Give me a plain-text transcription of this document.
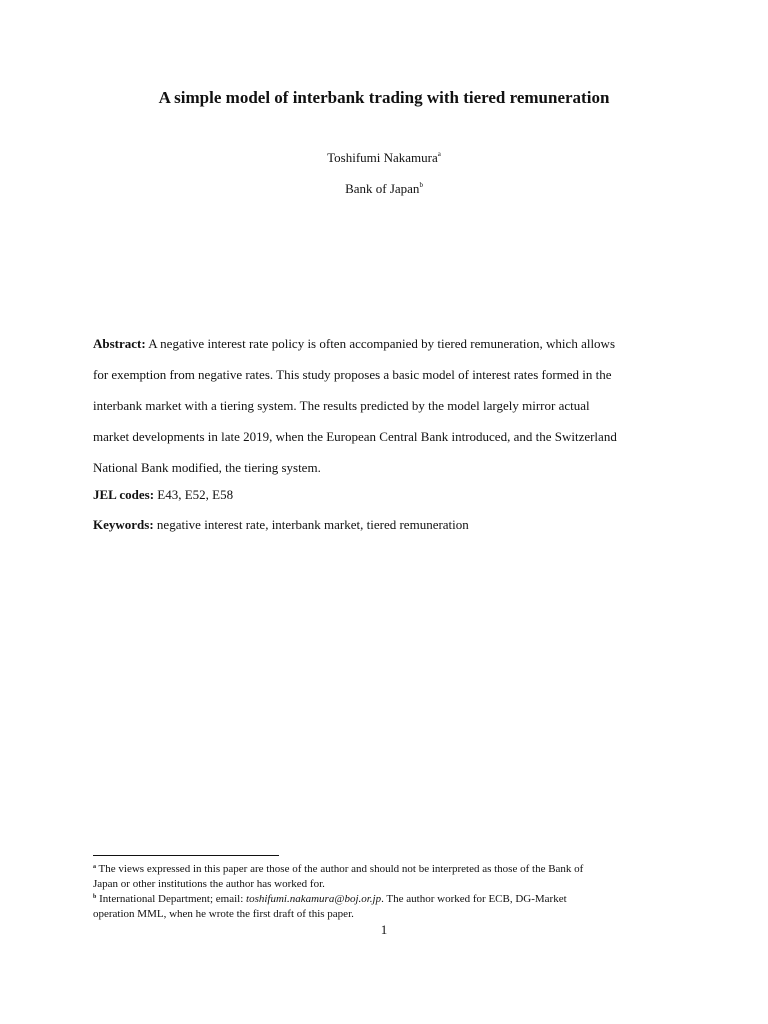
A simple model of interbank trading with tiered remuneration
Toshifumi Nakamura$^a$
Bank of Japan$^b$

Abstract: A negative interest rate policy is often accompanied by tiered remuneration, which allows
for exemption from negative rates. This study proposes a basic model of interest rates formed in the
interbank market with a tiering system. The results predicted by the model largely mirror actual
market developments in late 2019, when the European Central Bank introduced, and the Switzerland
National Bank modified, the tiering system.

JEL codes: E43, E52, E58
Keywords: negative interest rate, interbank market, tiered remuneration
$^a$ The views expressed in this paper are those of the author and should not be interpreted as those of the Bank of
Japan or other institutions the author has worked for.
$^b$ International Department; email: toshifumi.nakamura@boj.or.jp. The author worked for ECB, DG-Market
operation MML, when he wrote the first draft of this paper.
1
